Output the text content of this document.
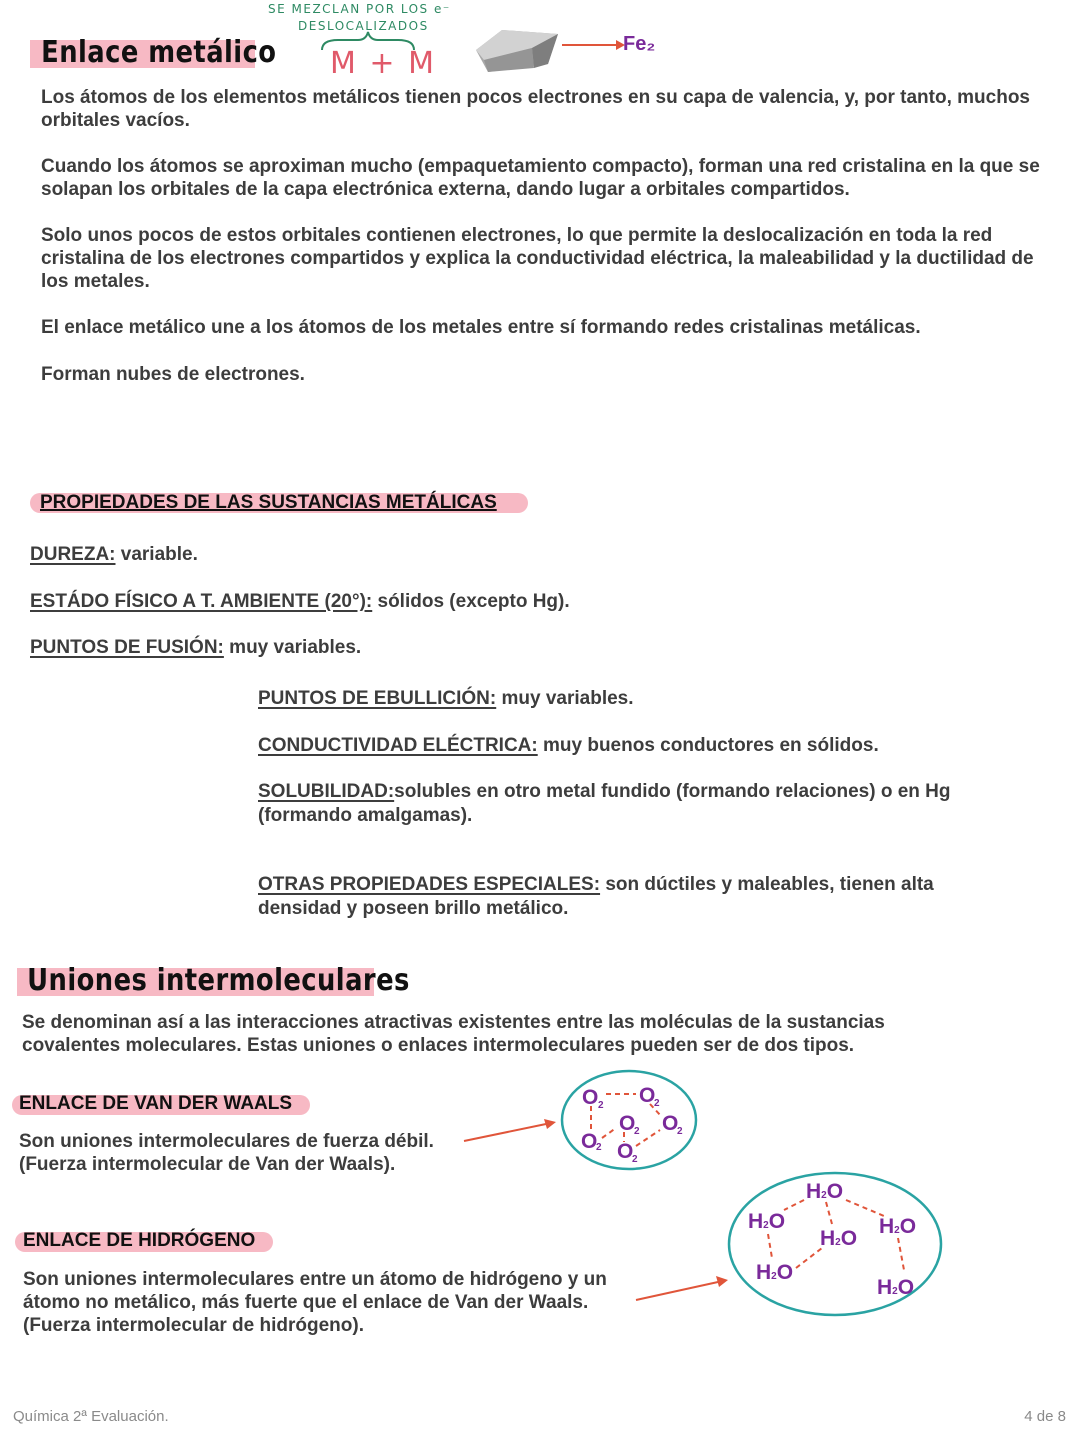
Enlace metálico
SE MEZCLAN POR LOS e⁻
DESLOCALIZADOS
M + M
Fe₂
Los átomos de los elementos metálicos tienen pocos electrones en su capa de valencia, y, por tanto, muchos orbitales vacíos.
Cuando los átomos se aproximan mucho (empaquetamiento compacto), forman una red cristalina en la que se solapan los orbitales de la capa electrónica externa, dando lugar a orbitales compartidos.
Solo unos pocos de estos orbitales contienen electrones, lo que permite la deslocalización en toda la red cristalina de los electrones compartidos y explica la conductividad eléctrica, la maleabilidad y la ductilidad de los metales.
El enlace metálico une a los átomos de los metales entre sí formando redes cristalinas metálicas.
Forman nubes de electrones.
PROPIEDADES DE LAS SUSTANCIAS METÁLICAS
DUREZA: variable.
ESTÁDO FÍSICO A T. AMBIENTE (20°): sólidos (excepto Hg).
PUNTOS DE FUSIÓN: muy variables.
PUNTOS DE EBULLICIÓN: muy variables.
CONDUCTIVIDAD ELÉCTRICA: muy buenos conductores en sólidos.
SOLUBILIDAD:solubles en otro metal fundido (formando relaciones) o en Hg (formando amalgamas).
OTRAS PROPIEDADES ESPECIALES: son dúctiles y maleables, tienen alta densidad y poseen brillo metálico.
Uniones intermoleculares
Se denominan así a las interacciones atractivas existentes entre las moléculas de la sustancias covalentes moleculares. Estas uniones o enlaces intermoleculares pueden ser de dos tipos.
ENLACE DE VAN DER WAALS
Son uniones intermoleculares de fuerza débil. (Fuerza intermolecular de Van der Waals).
O O
O O
O O
2	2
2	2
2
2
ENLACE DE HIDRÓGENO
Son uniones intermoleculares entre un átomo de hidrógeno y un átomo no metálico, más fuerte que el enlace de Van der Waals. (Fuerza intermolecular de hidrógeno).
H2O
H2O
H2O
H2O
H2O
H2O
Química 2ª Evaluación.	4 de 8
